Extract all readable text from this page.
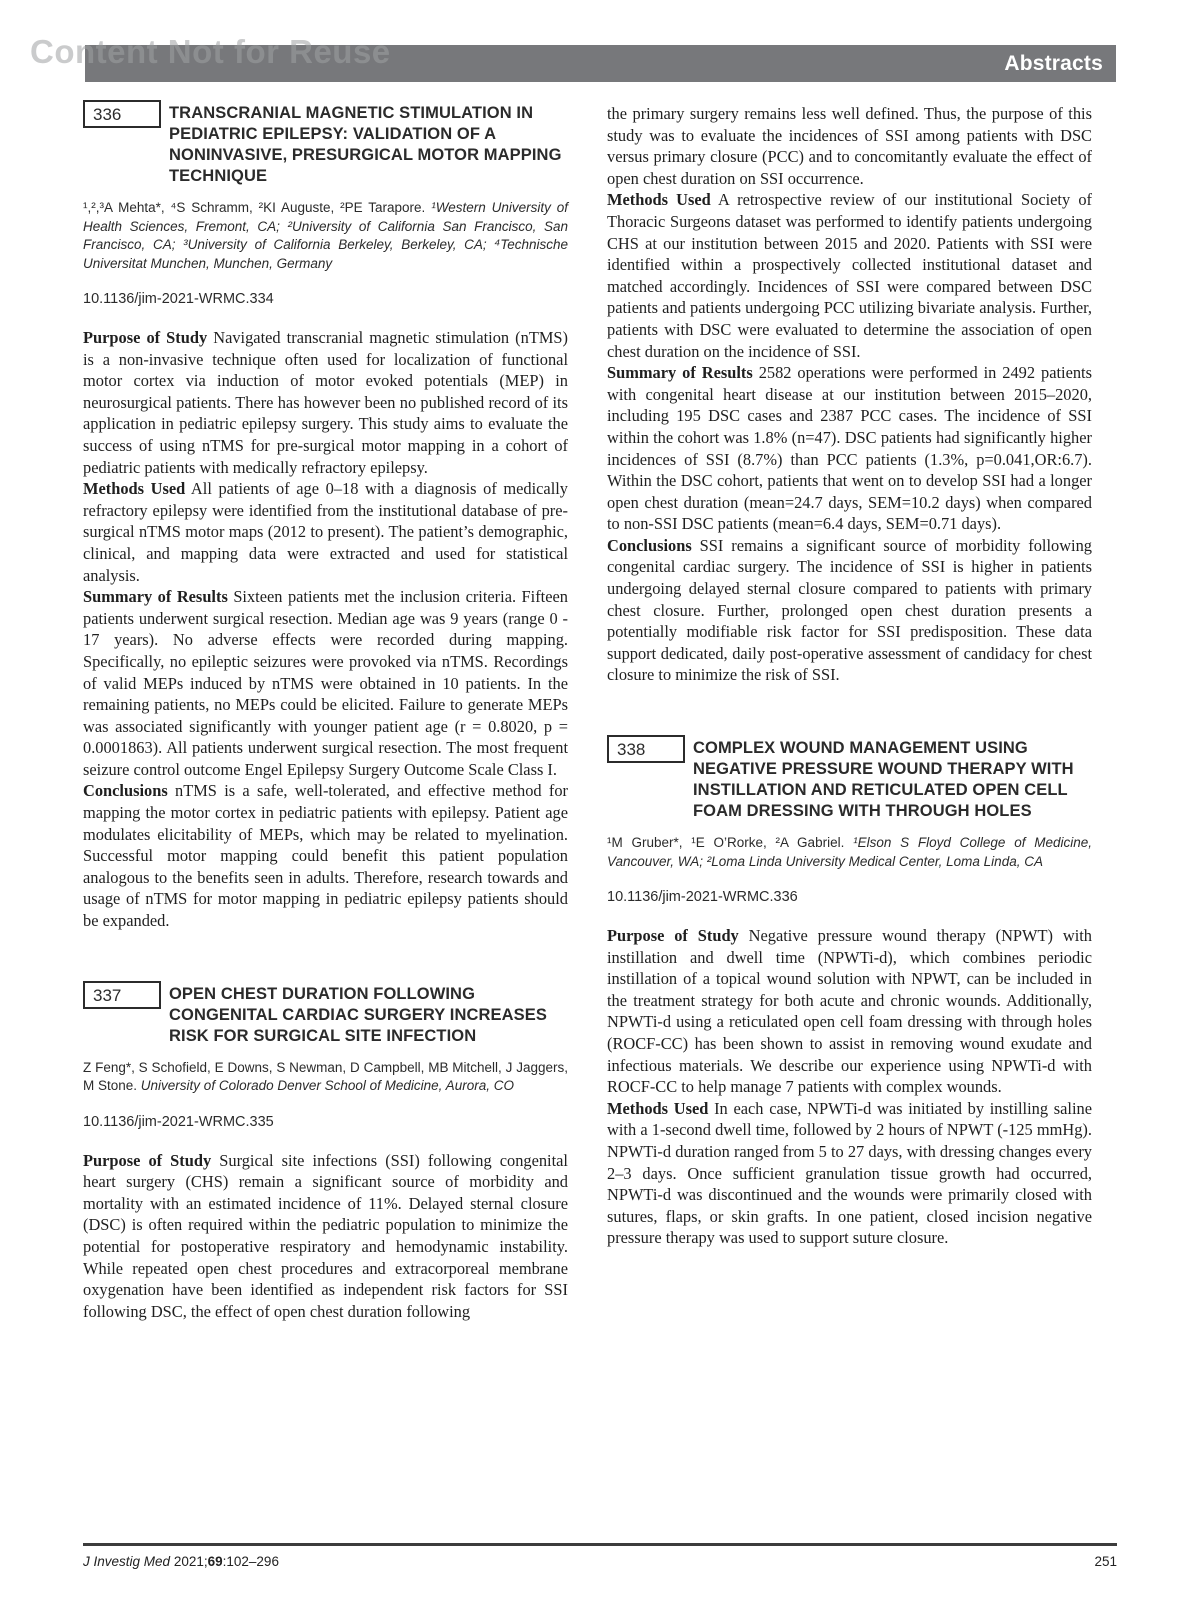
Content Not for Reuse	Abstracts
336	TRANSCRANIAL MAGNETIC STIMULATION IN PEDIATRIC EPILEPSY: VALIDATION OF A NONINVASIVE, PRESURGICAL MOTOR MAPPING TECHNIQUE

¹,²,³A Mehta*, ⁴S Schramm, ²KI Auguste, ²PE Tarapore. ¹Western University of Health Sciences, Fremont, CA; ²University of California San Francisco, San Francisco, CA; ³University of California Berkeley, Berkeley, CA; ⁴Technische Universitat Munchen, Munchen, Germany

10.1136/jim-2021-WRMC.334

Purpose of Study Navigated transcranial magnetic stimulation (nTMS) is a non-invasive technique often used for localization of functional motor cortex via induction of motor evoked potentials (MEP) in neurosurgical patients. There has however been no published record of its application in pediatric epilepsy surgery. This study aims to evaluate the success of using nTMS for pre-surgical motor mapping in a cohort of pediatric patients with medically refractory epilepsy.

Methods Used All patients of age 0–18 with a diagnosis of medically refractory epilepsy were identified from the institutional database of pre-surgical nTMS motor maps (2012 to present). The patient’s demographic, clinical, and mapping data were extracted and used for statistical analysis.

Summary of Results Sixteen patients met the inclusion criteria. Fifteen patients underwent surgical resection. Median age was 9 years (range 0 - 17 years). No adverse effects were recorded during mapping. Specifically, no epileptic seizures were provoked via nTMS. Recordings of valid MEPs induced by nTMS were obtained in 10 patients. In the remaining patients, no MEPs could be elicited. Failure to generate MEPs was associated significantly with younger patient age (r = 0.8020, p = 0.0001863). All patients underwent surgical resection. The most frequent seizure control outcome Engel Epilepsy Surgery Outcome Scale Class I.

Conclusions nTMS is a safe, well-tolerated, and effective method for mapping the motor cortex in pediatric patients with epilepsy. Patient age modulates elicitability of MEPs, which may be related to myelination. Successful motor mapping could benefit this patient population analogous to the benefits seen in adults. Therefore, research towards and usage of nTMS for motor mapping in pediatric epilepsy patients should be expanded.

337	OPEN CHEST DURATION FOLLOWING CONGENITAL CARDIAC SURGERY INCREASES RISK FOR SURGICAL SITE INFECTION

Z Feng*, S Schofield, E Downs, S Newman, D Campbell, MB Mitchell, J Jaggers, M Stone. University of Colorado Denver School of Medicine, Aurora, CO

10.1136/jim-2021-WRMC.335

Purpose of Study Surgical site infections (SSI) following congenital heart surgery (CHS) remain a significant source of morbidity and mortality with an estimated incidence of 11%. Delayed sternal closure (DSC) is often required within the pediatric population to minimize the potential for postoperative respiratory and hemodynamic instability. While repeated open chest procedures and extracorporeal membrane oxygenation have been identified as independent risk factors for SSI following DSC, the effect of open chest duration following

the primary surgery remains less well defined. Thus, the purpose of this study was to evaluate the incidences of SSI among patients with DSC versus primary closure (PCC) and to concomitantly evaluate the effect of open chest duration on SSI occurrence.

Methods Used A retrospective review of our institutional Society of Thoracic Surgeons dataset was performed to identify patients undergoing CHS at our institution between 2015 and 2020. Patients with SSI were identified within a prospectively collected institutional dataset and matched accordingly. Incidences of SSI were compared between DSC patients and patients undergoing PCC utilizing bivariate analysis. Further, patients with DSC were evaluated to determine the association of open chest duration on the incidence of SSI.

Summary of Results 2582 operations were performed in 2492 patients with congenital heart disease at our institution between 2015–2020, including 195 DSC cases and 2387 PCC cases. The incidence of SSI within the cohort was 1.8% (n=47). DSC patients had significantly higher incidences of SSI (8.7%) than PCC patients (1.3%, p=0.041,OR:6.7). Within the DSC cohort, patients that went on to develop SSI had a longer open chest duration (mean=24.7 days, SEM=10.2 days) when compared to non-SSI DSC patients (mean=6.4 days, SEM=0.71 days).

Conclusions SSI remains a significant source of morbidity following congenital cardiac surgery. The incidence of SSI is higher in patients undergoing delayed sternal closure compared to patients with primary chest closure. Further, prolonged open chest duration presents a potentially modifiable risk factor for SSI predisposition. These data support dedicated, daily post-operative assessment of candidacy for chest closure to minimize the risk of SSI.

338	COMPLEX WOUND MANAGEMENT USING NEGATIVE PRESSURE WOUND THERAPY WITH INSTILLATION AND RETICULATED OPEN CELL FOAM DRESSING WITH THROUGH HOLES

¹M Gruber*, ¹E O’Rorke, ²A Gabriel. ¹Elson S Floyd College of Medicine, Vancouver, WA; ²Loma Linda University Medical Center, Loma Linda, CA

10.1136/jim-2021-WRMC.336

Purpose of Study Negative pressure wound therapy (NPWT) with instillation and dwell time (NPWTi-d), which combines periodic instillation of a topical wound solution with NPWT, can be included in the treatment strategy for both acute and chronic wounds. Additionally, NPWTi-d using a reticulated open cell foam dressing with through holes (ROCF-CC) has been shown to assist in removing wound exudate and infectious materials. We describe our experience using NPWTi-d with ROCF-CC to help manage 7 patients with complex wounds.

Methods Used In each case, NPWTi-d was initiated by instilling saline with a 1-second dwell time, followed by 2 hours of NPWT (-125 mmHg). NPWTi-d duration ranged from 5 to 27 days, with dressing changes every 2–3 days. Once sufficient granulation tissue growth had occurred, NPWTi-d was discontinued and the wounds were primarily closed with sutures, flaps, or skin grafts. In one patient, closed incision negative pressure therapy was used to support suture closure.

J Investig Med 2021;69:102–296	251
